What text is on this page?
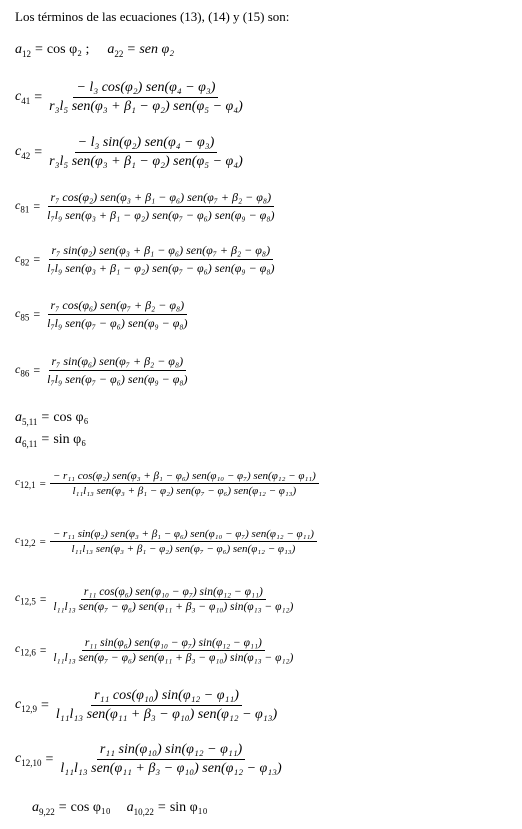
Los términos de las ecuaciones (13), (14) y (15) son:
$a_{12} = \cos \varphi_2$ ; $a_{22}$ = sen φ₂
$c_{41} = \frac{\text{− l₃ cos(φ₂) sen(φ₄ − φ₃)}}{\text{r₃l₅ sen(φ₃ + β₁ − φ₂) sen(φ₅ − φ₄)}}$
$c_{42} = \frac{\text{− l₃ sin(φ₂) sen(φ₄ − φ₃)}}{\text{r₃l₅ sen(φ₃ + β₁ − φ₂) sen(φ₅ − φ₄)}}$
$c_{81} = \frac{\text{r₇ cos(φ₂) sen(φ₃ + β₁ − φ₆) sen(φ₇ + β₂ − φ₈)}}{\text{l₇l₉ sen(φ₃ + β₁ − φ₂) sen(φ₇ − φ₆) sen(φ₉ − φ₈)}}$
$c_{82} = \frac{\text{r₇ sin(φ₂) sen(φ₃ + β₁ − φ₆) sen(φ₇ + β₂ − φ₈)}}{\text{l₇l₉ sen(φ₃ + β₁ − φ₂) sen(φ₇ − φ₆) sen(φ₉ − φ₈)}}$
$c_{85} = \frac{\text{r₇ cos(φ₆) sen(φ₇ + β₂ − φ₈)}}{\text{l₇l₉ sen(φ₇ − φ₆) sen(φ₉ − φ₈)}}$
$c_{86} = \frac{\text{r₇ sin(φ₆) sen(φ₇ + β₂ − φ₈)}}{\text{l₇l₉ sen(φ₇ − φ₆) sen(φ₉ − φ₈)}}$
$a_{5,11} = \cos \varphi_6$
$a_{6,11} = \sin \varphi_6$
$c_{12,1} = \frac{\text{− r₁₁ cos(φ₂) sen(φ₃ + β₁ − φ₆) sen(φ₁₀ − φ₇) sen(φ₁₂ − φ₁₁)}}{\text{l₁₁l₁₃ sen(φ₃ + β₁ − φ₂) sen(φ₇ − φ₆) sen(φ₁₂ − φ₁₃)}}$
$c_{12,2} = \frac{\text{− r₁₁ sin(φ₂) sen(φ₃ + β₁ − φ₆) sen(φ₁₀ − φ₇) sen(φ₁₂ − φ₁₁)}}{\text{l₁₁l₁₃ sen(φ₃ + β₁ − φ₂) sen(φ₇ − φ₆) sen(φ₁₂ − φ₁₃)}}$
$c_{12,5} = \frac{\text{r₁₁ cos(φ₆) sen(φ₁₀ − φ₇) sin(φ₁₂ − φ₁₁)}}{\text{l₁₁l₁₃ sen(φ₇ − φ₆) sen(φ₁₁ + β₃ − φ₁₀) sin(φ₁₃ − φ₁₂)}}$
$c_{12,6} = \frac{\text{r₁₁ sin(φ₆) sen(φ₁₀ − φ₇) sin(φ₁₂ − φ₁₁)}}{\text{l₁₁l₁₃ sen(φ₇ − φ₆) sen(φ₁₁ + β₃ − φ₁₀) sin(φ₁₃ − φ₁₂)}}$
$c_{12,9} = \frac{\text{r₁₁ cos(φ₁₀) sin(φ₁₂ − φ₁₁)}}{\text{l₁₁l₁₃ sen(φ₁₁ + β₃ − φ₁₀) sen(φ₁₂ − φ₁₃)}}$
$c_{12,10} = \frac{\text{r₁₁ sin(φ₁₀) sin(φ₁₂ − φ₁₁)}}{\text{l₁₁l₁₃ sen(φ₁₁ + β₃ − φ₁₀) sen(φ₁₂ − φ₁₃)}}$
$a_{9,22} = \cos \varphi_{10}$ $a_{10,22} = \sin \varphi_{10}$
